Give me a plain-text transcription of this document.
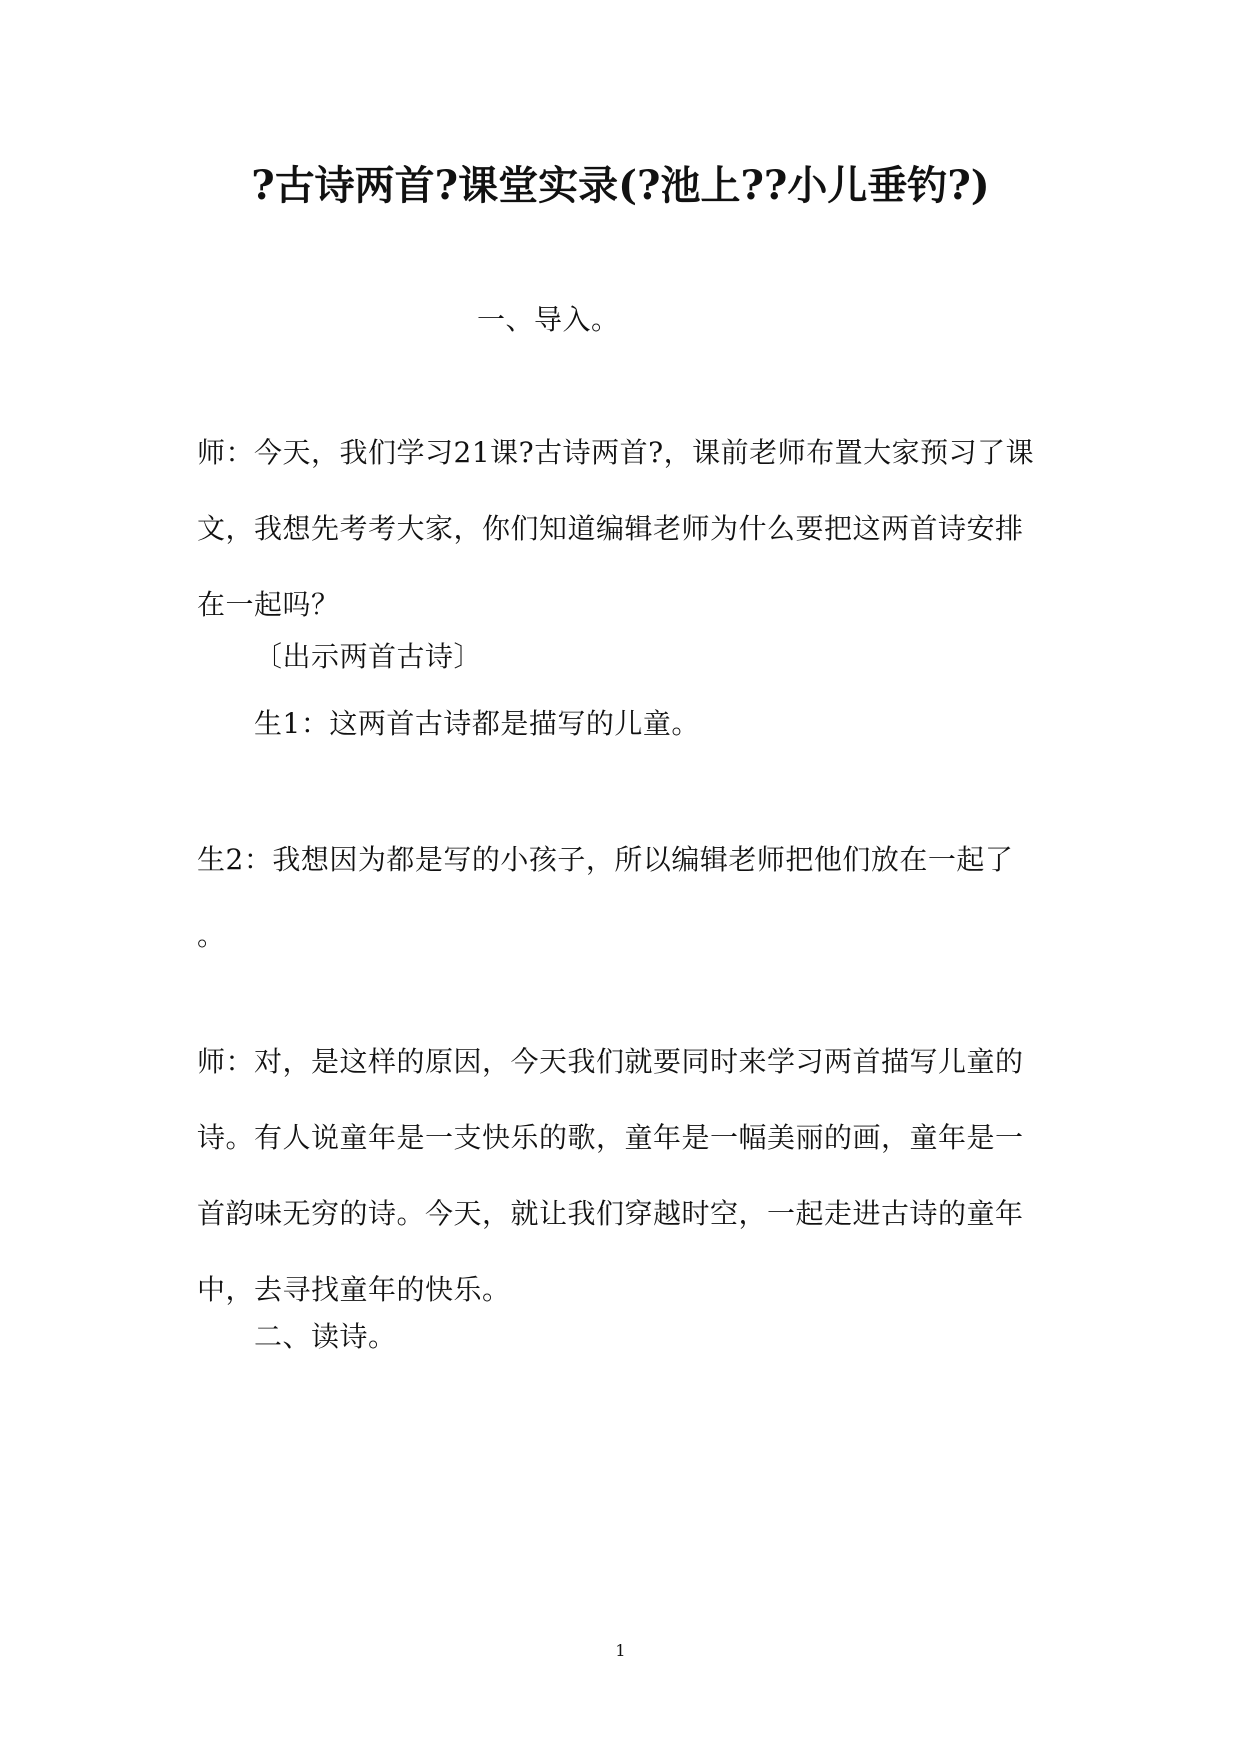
?古诗两首?课堂实录(?池上??小儿垂钓?)
一、导入。
师：今天，我们学习21课?古诗两首?，课前老师布置大家预习了课
文，我想先考考大家，你们知道编辑老师为什么要把这两首诗安排
在一起吗？
〔出示两首古诗〕
生1：这两首古诗都是描写的儿童。
生2：我想因为都是写的小孩子，所以编辑老师把他们放在一起了
。
师：对，是这样的原因，今天我们就要同时来学习两首描写儿童的
诗。有人说童年是一支快乐的歌，童年是一幅美丽的画，童年是一
首韵味无穷的诗。今天，就让我们穿越时空，一起走进古诗的童年
中，去寻找童年的快乐。
二、读诗。
1
